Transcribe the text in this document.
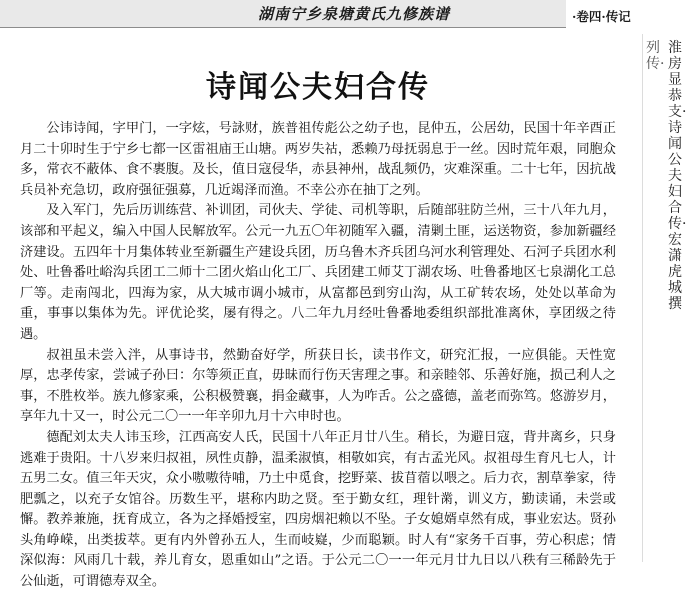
湖南宁乡泉塘黄氏九修族谱	·卷四·传记
列传·
淮房显恭支·诗闻公夫妇合传·宏潇虎城撰
诗闻公夫妇合传

公讳诗闻，字甲门，一字炫，号詠财，族普祖传彪公之幼子也，昆仲五，公居幼，民国十年辛酉正月二十卯时生于宁乡七都一区雷祖庙王山塘。两岁失祜，悉赖乃母抚弱息于一丝。因时荒年艰，同胞众多，常衣不蔽体、食不裹腹。及长，值日寇侵华，赤县神州，战乱频仍，灾难深重。二十七年，因抗战兵员补充急切，政府强征强募，几近竭泽而渔。不幸公亦在抽丁之列。

及入军门，先后历训练营、补训团，司伙夫、学徒、司机等职，后随部驻防兰州，三十八年九月，该部和平起义，编入中国人民解放军。公元一九五〇年初随军入疆，清剿土匪，运送物资，参加新疆经济建设。五四年十月集体转业至新疆生产建设兵团，历乌鲁木齐兵团乌河水利管理处、石河子兵团水利处、吐鲁番吐峪沟兵团工二师十二团火焰山化工厂、兵团建工师艾丁湖农场、吐鲁番地区七泉湖化工总厂等。走南闯北，四海为家，从大城市调小城市，从富都邑到穷山沟，从工矿转农场，处处以革命为重，事事以集体为先。评优论奖，屡有得之。八二年九月经吐鲁番地委组织部批准离休，享团级之待遇。

叔祖虽未尝入泮，从事诗书，然勤奋好学，所获日长，读书作文，研究汇报，一应俱能。天性宽厚，忠孝传家，尝诫子孙曰：尔等须正直，毋昧而行伤天害理之事。和亲睦邻、乐善好施，损己利人之事，不胜枚举。族九修家乘，公积极赞襄，捐金藏事，人为咋舌。公之盛德，盖老而弥笃。悠游岁月，享年九十又一，时公元二〇一一年辛卯九月十六申时也。

德配刘太夫人讳玉珍，江西高安人氏，民国十八年正月廿八生。稍长，为避日寇，背井离乡，只身逃难于贵阳。十八岁来归叔祖，夙性贞静，温柔淑慎，相敬如宾，有古孟光风。叔祖母生育凡七人，计五男二女。值三年天灾，众小嗷嗷待哺，乃土中觅食，挖野菜、拔苜蓿以喂之。后力衣，割草拳家，待肥瓢之，以充子女馆谷。历数生平，堪称内助之贤。至于勤女红，理针黹，训义方，勤读诵，未尝或懈。教养兼施，抚育成立，各为之择婚授室，四房烟祀赖以不坠。子女媳婿卓然有成，事业宏达。贤孙头角峥嵘，出类拔萃。更有内外曾孙五人，生而岐嶷，少而聪颖。时人有“家务千百事，劳心积虑；情深似海：风雨几十载，养儿育女，恩重如山”之语。于公元二〇一一年元月廿九日以八秩有三稀龄先于公仙逝，可谓德寿双全。
